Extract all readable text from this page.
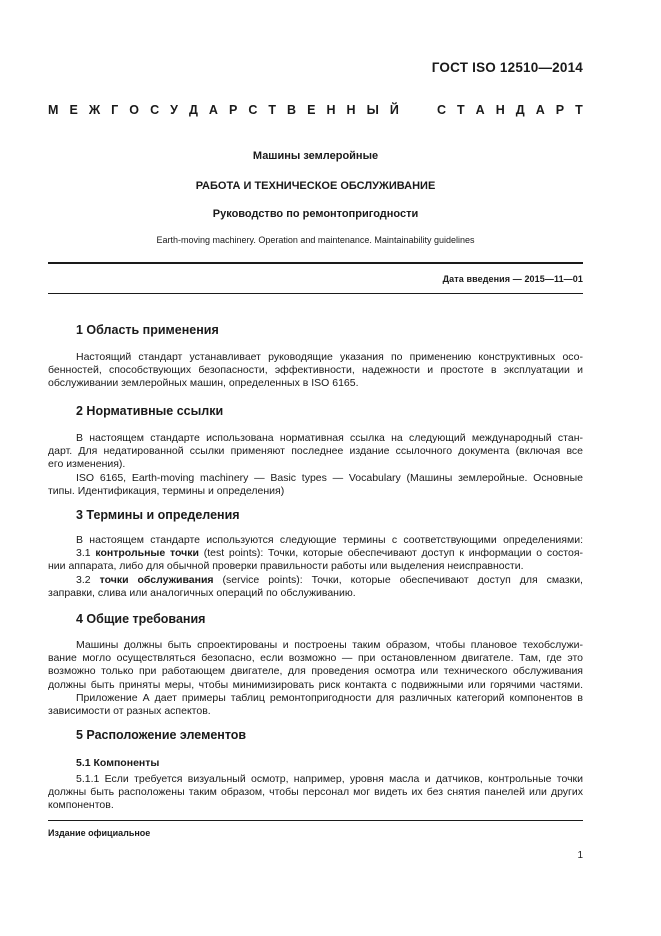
ГОСТ ISO 12510—2014
М Е Ж Г О С У Д А Р С Т В Е Н Н Ы Й	С Т А Н Д А Р Т
Машины землеройные
РАБОТА И ТЕХНИЧЕСКОЕ ОБСЛУЖИВАНИЕ
Руководство по ремонтопригодности
Earth-moving machinery. Operation and maintenance. Maintainability guidelines
Дата введения — 2015—11—01
1 Область применения
Настоящий стандарт устанавливает руководящие указания по применению конструктивных осо-
бенностей, способствующих безопасности, эффективности, надежности и простоте в эксплуатации и
обслуживании землеройных машин, определенных в ISO 6165.
2 Нормативные ссылки
В настоящем стандарте использована нормативная ссылка на следующий международный стан-
дарт. Для недатированной ссылки применяют последнее издание ссылочного документа (включая все
его изменения).
ISO 6165, Earth-moving machinery — Basic types — Vocabulary (Машины землеройные. Основные
типы. Идентификация, термины и определения)
3 Термины и определения
В настоящем стандарте используются следующие термины с соответствующими определениями:
3.1 контрольные точки (test points): Точки, которые обеспечивают доступ к информации о состоя-
нии аппарата, либо для обычной проверки правильности работы или выделения неисправности.
3.2 точки обслуживания (service points): Точки, которые обеспечивают доступ для смазки,
заправки, слива или аналогичных операций по обслуживанию.
4 Общие требования
Машины должны быть спроектированы и построены таким образом, чтобы плановое техобслужи-
вание могло осуществляться безопасно, если возможно — при остановленном двигателе. Там, где это
возможно только при работающем двигателе, для проведения осмотра или технического обслуживания
должны быть приняты меры, чтобы минимизировать риск контакта с подвижными или горячими частями.
Приложение А дает примеры таблиц ремонтопригодности для различных категорий компонентов в
зависимости от разных аспектов.
5 Расположение элементов
5.1 Компоненты
5.1.1 Если требуется визуальный осмотр, например, уровня масла и датчиков, контрольные точки
должны быть расположены таким образом, чтобы персонал мог видеть их без снятия панелей или других
компонентов.
Издание официальное
1
